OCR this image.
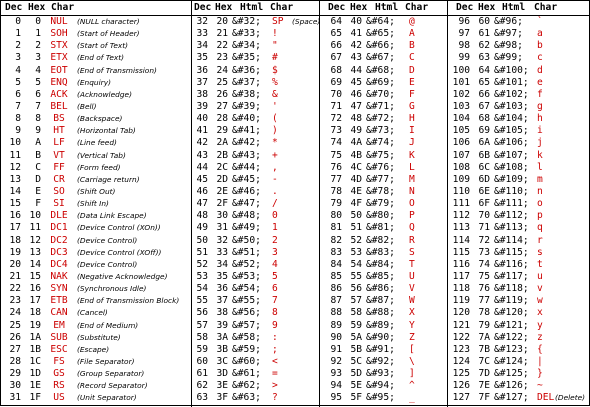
Dec Hex Char
0	0 NUL	(NULL character)
1	1 SOH	(Start of Header)
2	2 STX	(Start of Text)
3	3 ETX	(End of Text)
4	4 EOT	(End of Transmission)
5	5 ENQ	(Enquiry)
6	6 ACK	(Acknowledge)
7	7 BEL	(Bell)
8	8	BS	(Backspace)
9	9	HT	(Horizontal Tab)
10	A	LF	(Line feed)
11	B	VT	(Vertical Tab)
12	C	FF	(Form feed)
13	D	CR	(Carriage return)
14	E	SO	(Shift Out)
15	F	SI	(Shift In)
16 10 DLE	(Data Link Escape)
17 11 DC1	(Device Control (XOn))
18 12 DC2	(Device Control)
19 13 DC3	(Device Control (XOff))
20 14 DC4	(Device Control)
21 15 NAK	(Negative Acknowledge)
22 16 SYN	(Synchronous Idle)
23 17 ETB	(End of Transmission Block)
24 18 CAN	(Cancel)
25 19	EM	(End of Medium)
26 1A SUB	(Substitute)
27 1B ESC	(Escape)
28 1C	FS	(File Separator)
29 1D	GS	(Group Separator)
30 1E	RS	(Record Separator)
31 1F	US	(Unit Separator)
Dec Hex Html Char
32 20 &#32; SP (Space)
33 21 &#33; !
34 22 &#34; "
35 23 &#35; #
36 24 &#36; $
37 25 &#37; %
38 26 &#38; &
39 27 &#39; '
40 28 &#40; (
41 29 &#41; )
42 2A &#42; *
43 2B &#43; +
44 2C &#44; ,
45 2D &#45; -
46 2E &#46; .
47 2F &#47; /
48 30 &#48; 0
49 31 &#49; 1
50 32 &#50; 2
51 33 &#51; 3
52 34 &#52; 4
53 35 &#53; 5
54 36 &#54; 6
55 37 &#55; 7
56 38 &#56; 8
57 39 &#57; 9
58 3A &#58; :
59 3B &#59; ;
60 3C &#60; <
61 3D &#61; =
62 3E &#62; >
63 3F &#63; ?
Dec Hex Html Char
64 40 &#64; @
65 41 &#65; A
66 42 &#66; B
67 43 &#67; C
68 44 &#68; D
69 45 &#69; E
70 46 &#70; F
71 47 &#71; G
72 48 &#72; H
73 49 &#73; I
74 4A &#74; J
75 4B &#75; K
76 4C &#76; L
77 4D &#77; M
78 4E &#78; N
79 4F &#79; O
80 50 &#80; P
81 51 &#81; Q
82 52 &#82; R
83 53 &#83; S
84 54 &#84; T
85 55 &#85; U
86 56 &#86; V
87 57 &#87; W
88 58 &#88; X
89 59 &#89; Y
90 5A &#90; Z
91 5B &#91; [
92 5C &#92; \
93 5D &#93; ]
94 5E &#94; ^
95 5F &#95; _
Dec Hex Html Char
96 60 &#96; `
97 61 &#97; a
98 62 &#98; b
99 63 &#99; c
100 64 &#100; d
101 65 &#101; e
102 66 &#102; f
103 67 &#103; g
104 68 &#104; h
105 69 &#105; i
106 6A &#106; j
107 6B &#107; k
108 6C &#108; l
109 6D &#109; m
110 6E &#110; n
111 6F &#111; o
112 70 &#112; p
113 71 &#113; q
114 72 &#114; r
115 73 &#115; s
116 74 &#116; t
117 75 &#117; u
118 76 &#118; v
119 77 &#119; w
120 78 &#120; x
121 79 &#121; y
122 7A &#122; z
123 7B &#123; {
124 7C &#124; |
125 7D &#125; }
126 7E &#126; ~
127 7F &#127; DEL (Delete)
